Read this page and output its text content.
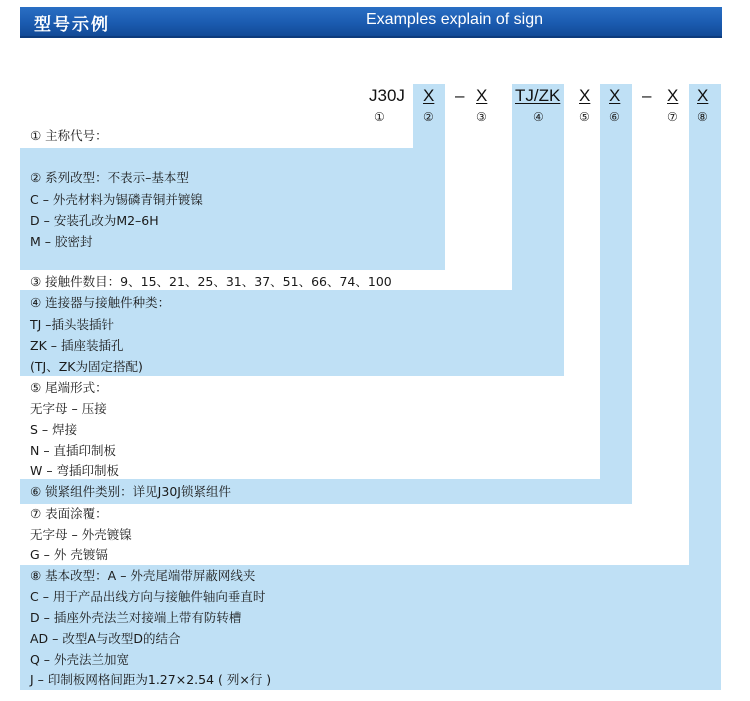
型号示例	Examples explain of sign
J30J X – X TJ/ZK X X – X X
①	②	③	④	⑤ ⑥	⑦ ⑧
① 主称代号：
② 系列改型：不表示–基本型
C – 外壳材料为锡磷青铜并镀镍
D – 安装孔改为M2–6H
M – 胶密封
③ 接触件数目：9、15、21、25、31、37、51、66、74、100
④ 连接器与接触件种类：
TJ –插头装插针
ZK – 插座装插孔
(TJ、ZK为固定搭配)
⑤ 尾端形式：
无字母 – 压接
S – 焊接
N – 直插印制板
W – 弯插印制板
⑥ 锁紧组件类别：详见J30J锁紧组件
⑦ 表面涂覆：
无字母 – 外壳镀镍
G – 外 壳镀镉
⑧ 基本改型：A – 外壳尾端带屏蔽网线夹
C – 用于产品出线方向与接触件轴向垂直时
D – 插座外壳法兰对接端上带有防转槽
AD – 改型A与改型D的结合
Q – 外壳法兰加宽
J – 印制板网格间距为1.27×2.54 ( 列×行 )
